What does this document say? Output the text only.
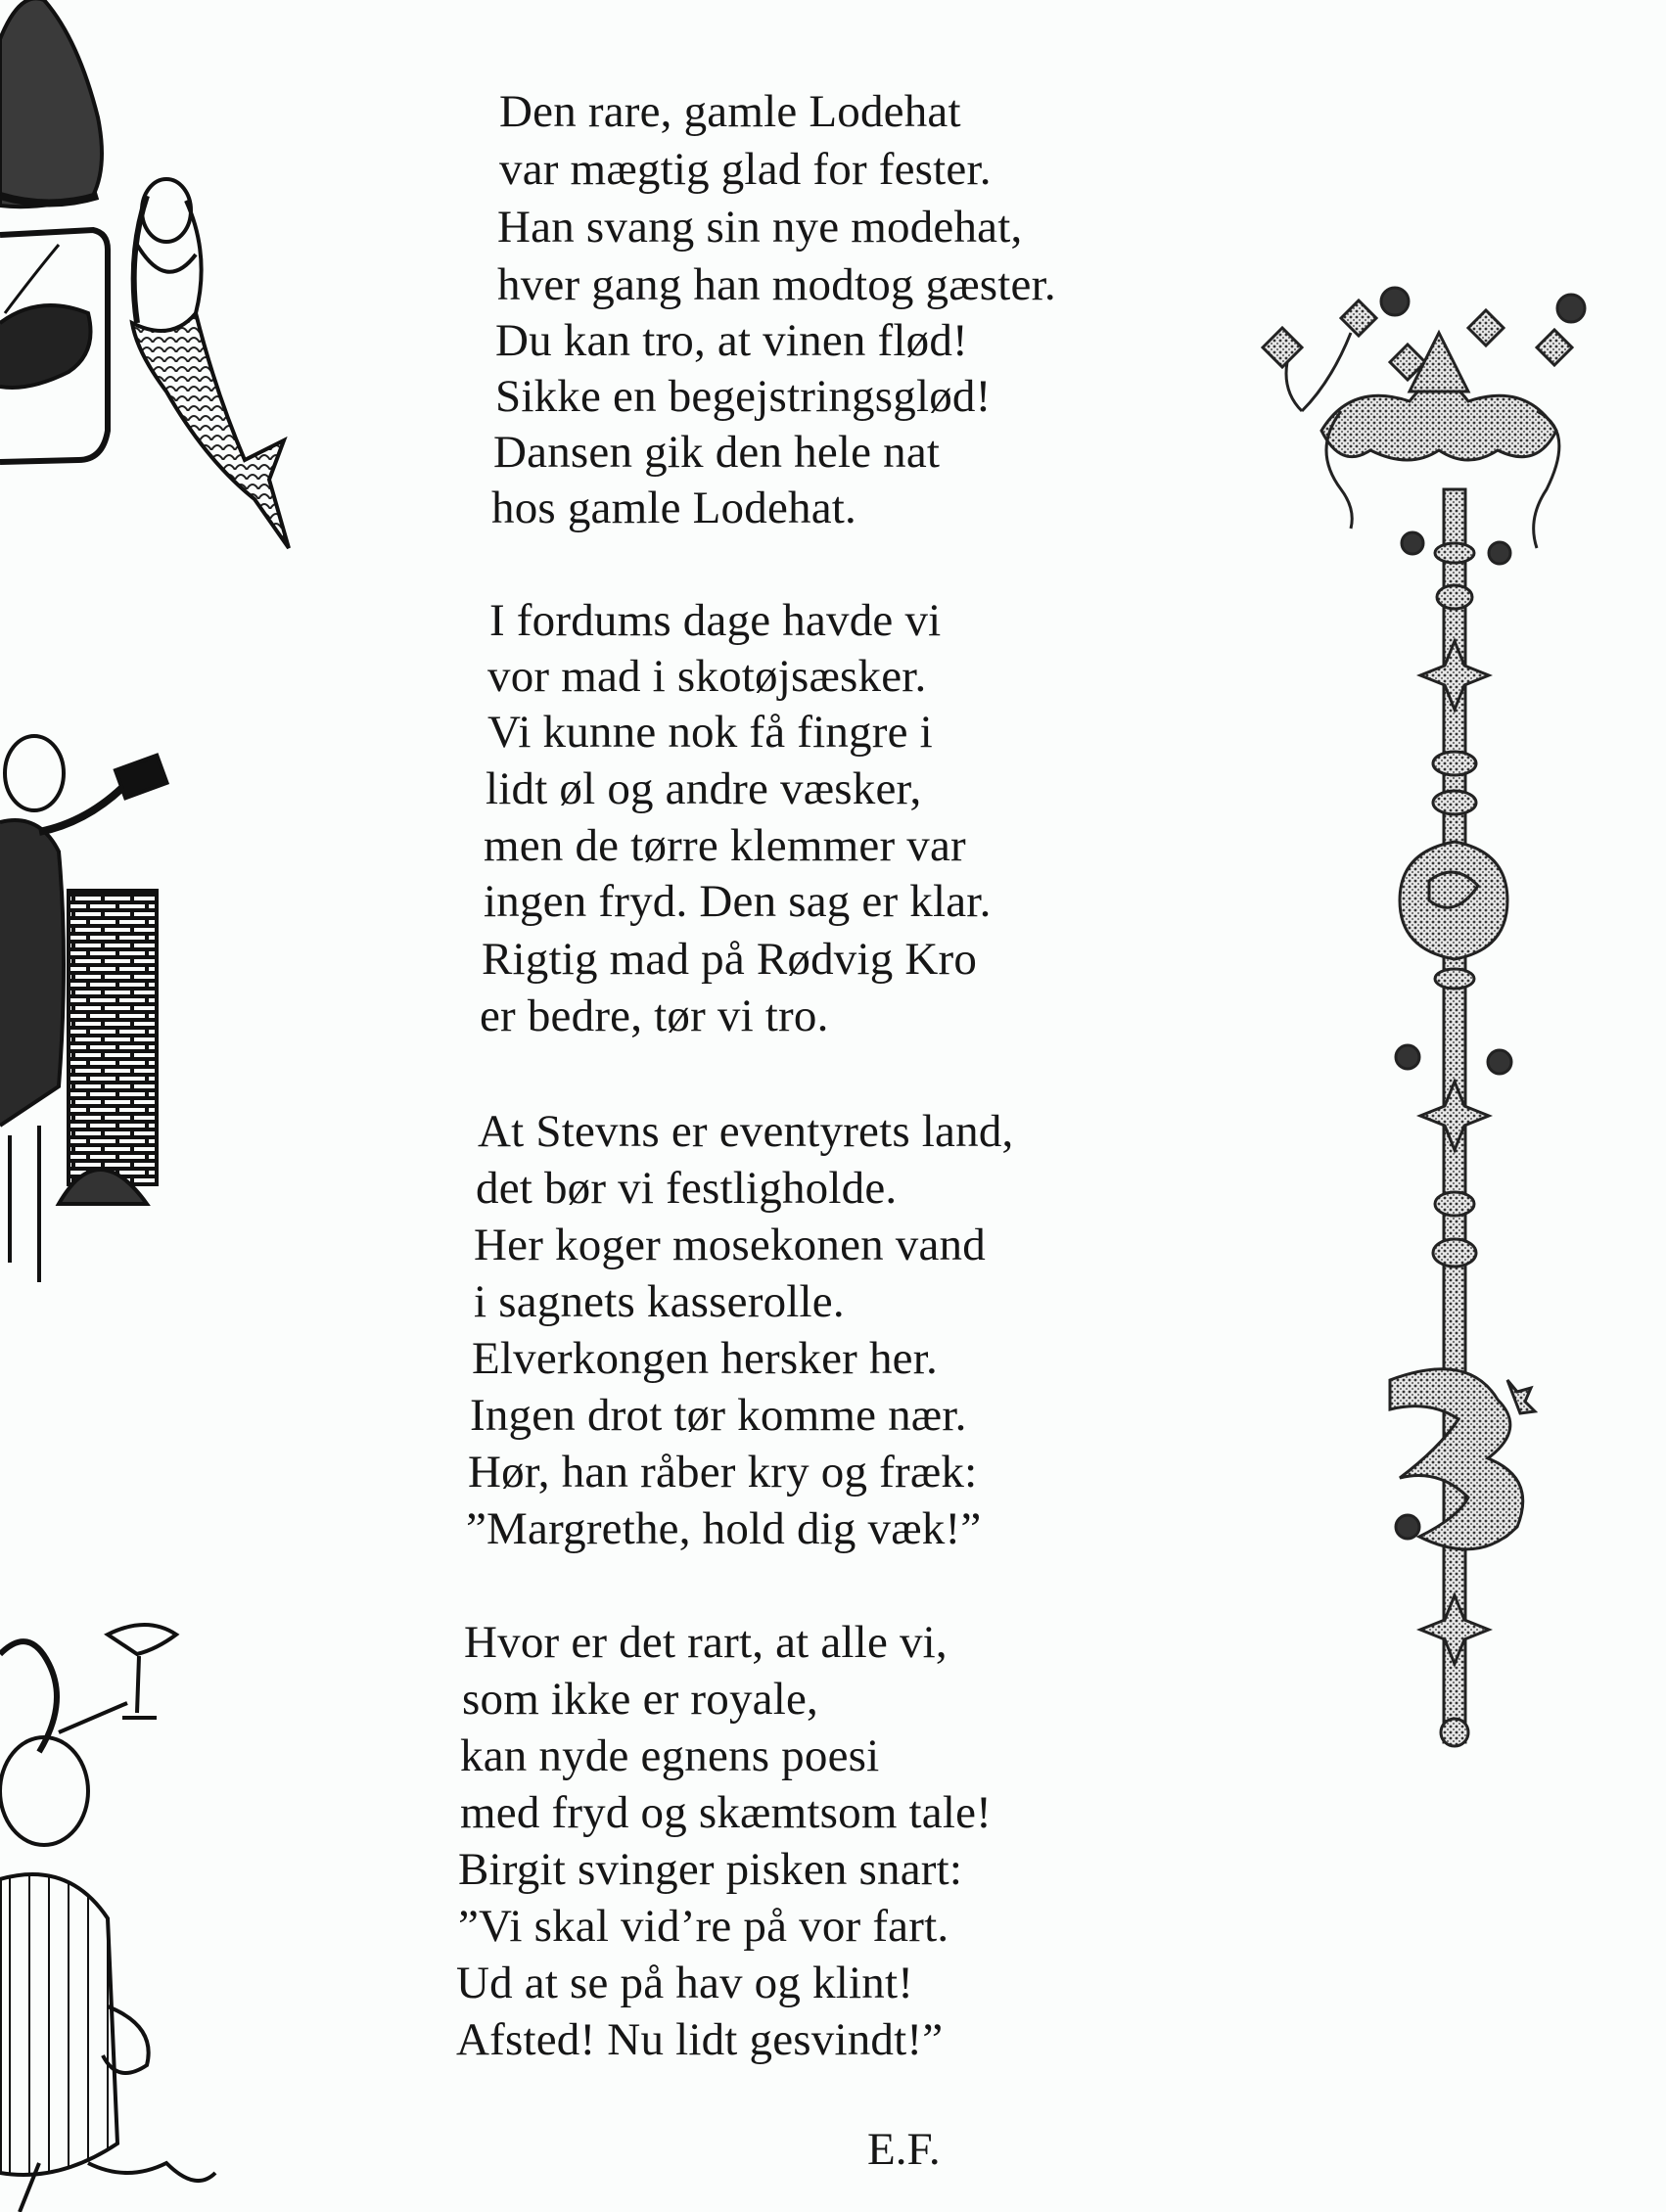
Den rare, gamle Lodehat
var mægtig glad for fester.
Han svang sin nye modehat,
hver gang han modtog gæster.
Du kan tro, at vinen flød!
Sikke en begejstringsglød!
Dansen gik den hele nat
hos gamle Lodehat.
I fordums dage havde vi
vor mad i skotøjsæsker.
Vi kunne nok få fingre i
lidt øl og andre væsker,
men de tørre klemmer var
ingen fryd. Den sag er klar.
Rigtig mad på Rødvig Kro
er bedre, tør vi tro.
At Stevns er eventyrets land,
det bør vi festligholde.
Her koger mosekonen vand
i sagnets kasserolle.
Elverkongen hersker her.
Ingen drot tør komme nær.
Hør, han råber kry og fræk:
”Margrethe, hold dig væk!”
Hvor er det rart, at alle vi,
som ikke er royale,
kan nyde egnens poesi
med fryd og skæmtsom tale!
Birgit svinger pisken snart:
”Vi skal vid’re på vor fart.
Ud at se på hav og klint!
Afsted! Nu lidt gesvindt!”
E.F.
